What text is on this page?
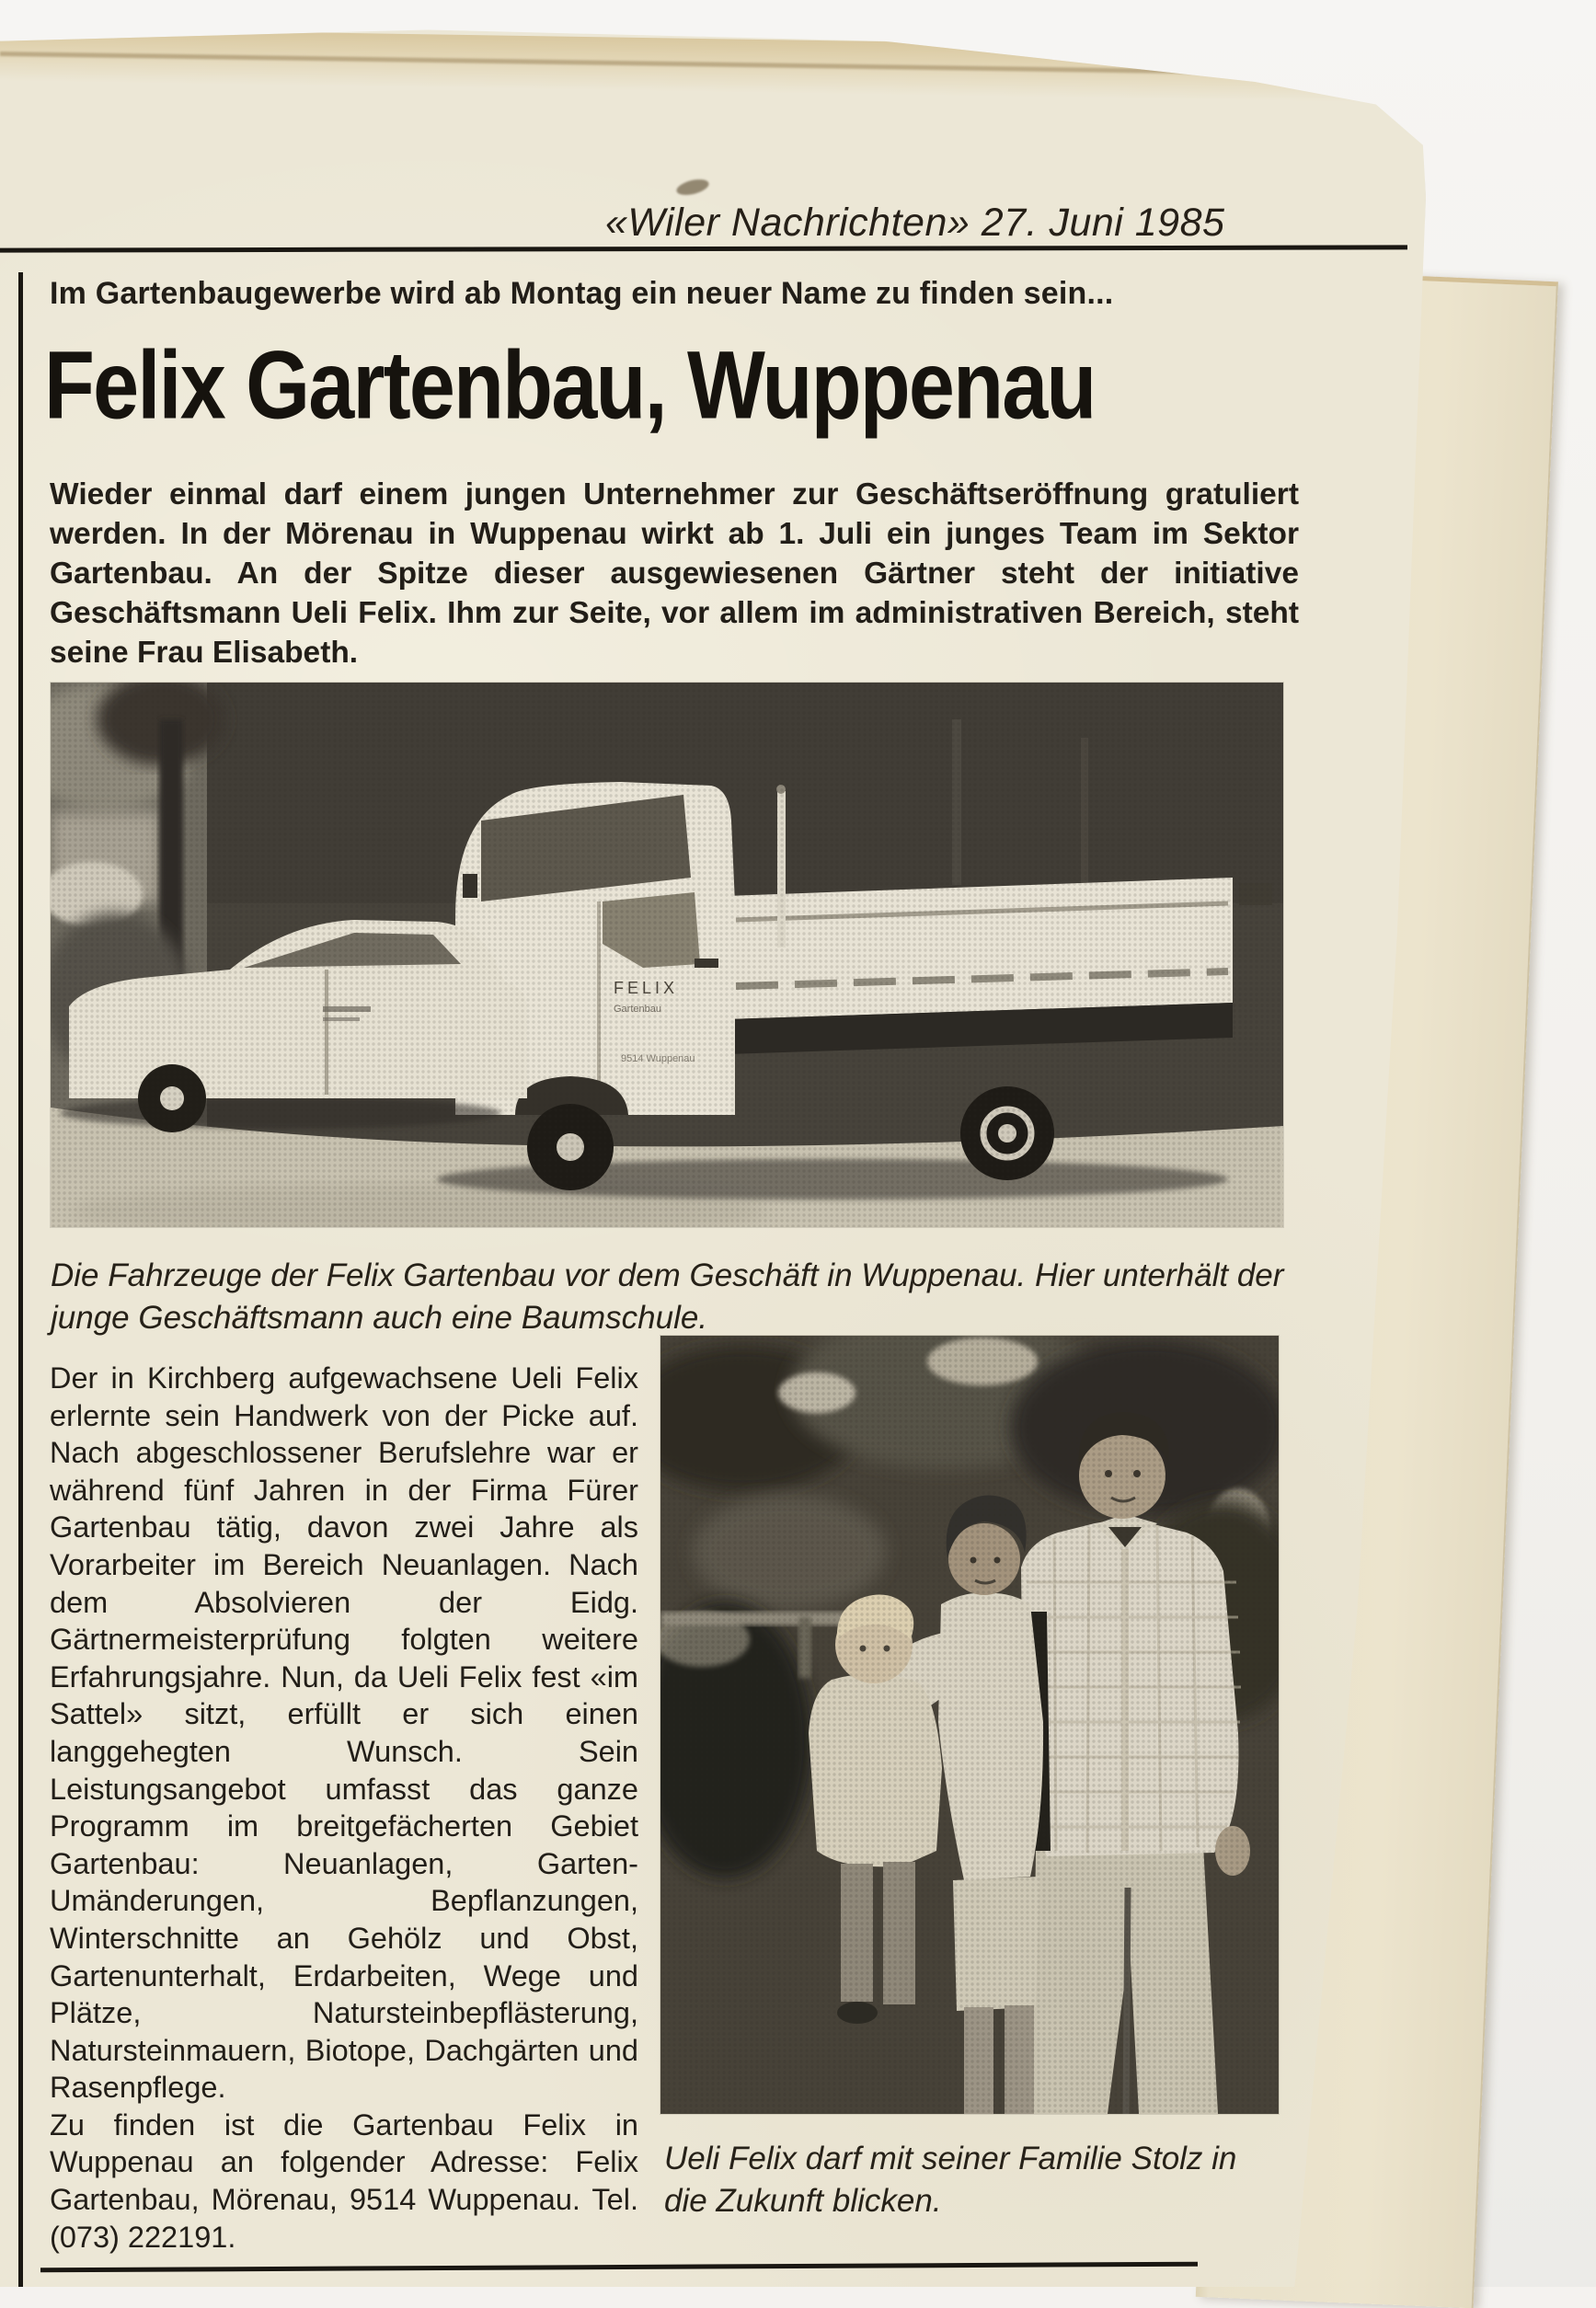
«Wiler Nachrichten» 27. Juni 1985
Im Gartenbaugewerbe wird ab Montag ein neuer Name zu finden sein...
Felix Gartenbau, Wuppenau
Wieder einmal darf einem jungen Unternehmer zur Geschäftseröffnung gratuliert werden. In der Mörenau in Wuppenau wirkt ab 1. Juli ein junges Team im Sektor Gartenbau. An der Spitze dieser ausgewiesenen Gärtner steht der initiative Geschäftsmann Ueli Felix. Ihm zur Seite, vor allem im administrativen Bereich, steht seine Frau Elisabeth.
FELIX
Gartenbau
9514 Wuppenau
Die Fahrzeuge der Felix Gartenbau vor dem Geschäft in Wuppenau. Hier unterhält der junge Geschäftsmann auch eine Baumschule.

Der in Kirchberg aufgewachsene Ueli Felix erlernte sein Handwerk von der Picke auf. Nach abgeschlossener Berufslehre war er während fünf Jahren in der Firma Fürer Gartenbau tätig, davon zwei Jahre als Vorarbeiter im Bereich Neuanlagen. Nach dem Absolvieren der Eidg. Gärtnermeisterprüfung folgten weitere Erfahrungsjahre. Nun, da Ueli Felix fest «im Sattel» sitzt, erfüllt er sich einen langgehegten Wunsch. Sein Leistungsangebot umfasst das ganze Programm im breitgefächerten Gebiet Gartenbau: Neuanlagen, Garten-Umänderungen, Bepflanzungen, Winterschnitte an Gehölz und Obst, Gartenunterhalt, Erdarbeiten, Wege und Plätze, Natursteinbepflästerung, Natursteinmauern, Biotope, Dachgärten und Rasenpflege.

Zu finden ist die Gartenbau Felix in Wuppenau an folgender Adresse: Felix Gartenbau, Mörenau, 9514 Wuppenau. Tel. (073) 222191.

Ueli Felix darf mit seiner Familie Stolz in die Zukunft blicken.
